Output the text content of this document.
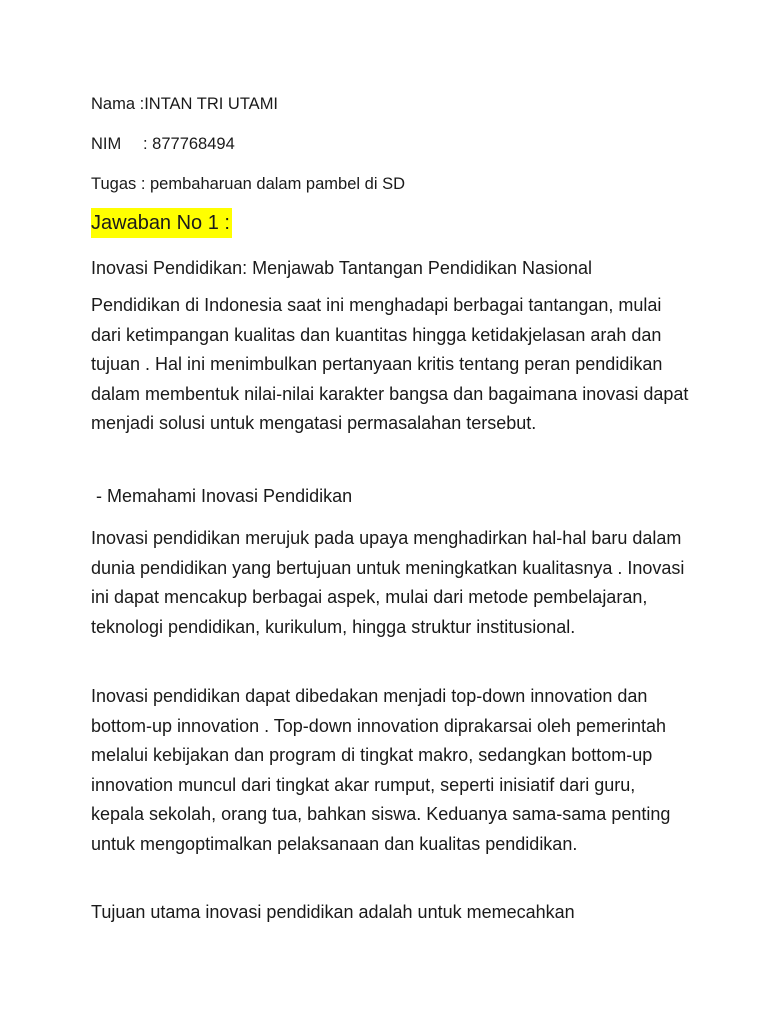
Nama :INTAN TRI UTAMI
NIM : 877768494
Tugas : pembaharuan dalam pambel di SD
Jawaban No 1 :
Inovasi Pendidikan: Menjawab Tantangan Pendidikan Nasional

Pendidikan di Indonesia saat ini menghadapi berbagai tantangan, mulai dari ketimpangan kualitas dan kuantitas hingga ketidakjelasan arah dan tujuan . Hal ini menimbulkan pertanyaan kritis tentang peran pendidikan dalam membentuk nilai-nilai karakter bangsa dan bagaimana inovasi dapat menjadi solusi untuk mengatasi permasalahan tersebut.

- Memahami Inovasi Pendidikan

Inovasi pendidikan merujuk pada upaya menghadirkan hal-hal baru dalam dunia pendidikan yang bertujuan untuk meningkatkan kualitasnya . Inovasi ini dapat mencakup berbagai aspek, mulai dari metode pembelajaran, teknologi pendidikan, kurikulum, hingga struktur institusional.

Inovasi pendidikan dapat dibedakan menjadi top-down innovation dan bottom-up innovation . Top-down innovation diprakarsai oleh pemerintah melalui kebijakan dan program di tingkat makro, sedangkan bottom-up innovation muncul dari tingkat akar rumput, seperti inisiatif dari guru, kepala sekolah, orang tua, bahkan siswa. Keduanya sama-sama penting untuk mengoptimalkan pelaksanaan dan kualitas pendidikan.

Tujuan utama inovasi pendidikan adalah untuk memecahkan
